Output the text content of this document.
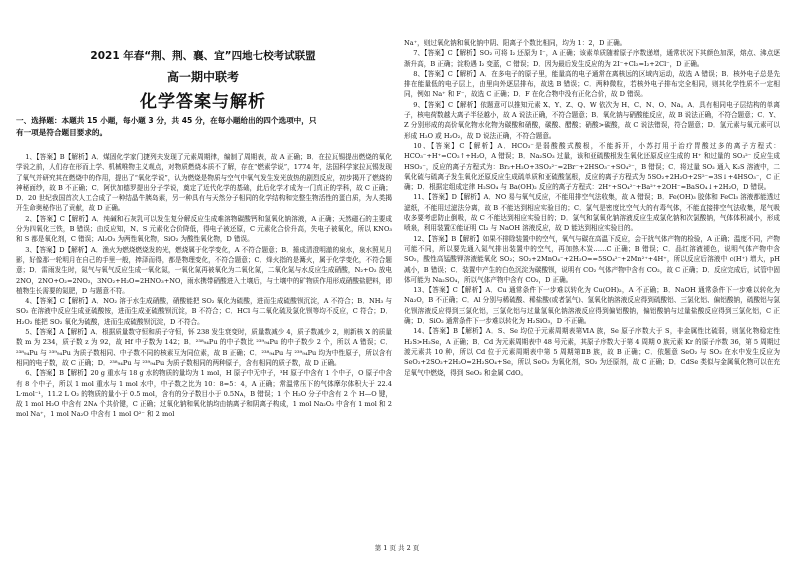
2021 年春“荆、荆、襄、宜”四地七校考试联盟
高一期中联考
化学答案与解析
一、选择题：本题共 15 小题，每小题 3 分，共 45 分，在每小题给出的四个选项中，只
有一项是符合题目要求的。

1、【答案】B【解析】A．煤固化学家门捷列夫发现了元素周期律，编制了周期表，故 A 正确；B．在拉瓦锡提出燃烧的氧化学说之前，人们存在形而上学、机械唯物主义观点，对物质燃烧本质不了解，存在“燃素学说”，1774 年，法国科学家拉瓦锡发现了氧气并研究其在燃烧中的作用，提出了“氧化学说”，认为燃烧是物质与空气中氧气发生发光放热的剧烈反应，初步揭开了燃烧的神秘面纱，故 B 不正确；C．阿伏加德罗提出分子学说，奠定了近代化学的基础，此后化学才成为一门真正的学科，故 C 正确；D．20 世纪我国首次人工合成了一种结晶牛胰岛素，另一种具有与天然分子相同的化学结构和完整生物活性的蛋白质，为人类揭开生命奥秘作出了贡献，故 D 正确。

2、【答案】C【解析】A．纯碱和石灰乳可以发生复分解反应生成难溶物碳酸钙和氢氧化钠溶液，A 正确；天然磁石的主要成分为四氧化三铁，B 错误；由反应知，N、S 元素化合价降低，得电子被还原，C 元素化合价升高，失电子被氧化，所以 KNO₃ 和 S 都是氧化剂，C 错误；Al₂O₃ 为两性氧化物，SiO₂ 为酸性氧化物，D 错误。

3、【答案】D【解析】A．渔火为燃烧燃烧发的光，燃烧属于化学变化，A 不符合题意；B．捶成清澄明澈的泉水，泉水照见月影，好像那一轮明月在自己的手里一般，捧泽而得，都是物理变化，不符合题意；C．烽火指的是篝火，属于化学变化，不符合题意；D．雷雨发生时，氮气与氧气反应生成一氧化氮，一氧化氮再被氧化为二氧化氮，二氧化氮与水反应生成硝酸，N₂+O₂ 放电 2NO，2NO+O₂=2NO₂，3NO₂+H₂O=2HNO₃+NO，雨水携带硝酸进入土壤后，与土壤中的矿物质作用形成硝酸盐肥料，即植物生长需要的氮肥，D 与题意不符。

4、【答案】C【解析】A．NO₂ 溶于水生成硝酸，硝酸能把 SO₂ 氧化为硫酸，进而生成硫酸钡沉淀，A 不符合；B．NH₃ 与 SO₂ 在溶液中反应生成亚硫酸铵，进而生成亚硫酸钡沉淀，B 不符合；C．HCl 与二氧化硫及氯化钡等均不反应，C 符合；D．H₂O₂ 能把 SO₂ 氧化为硫酸，进而生成硫酸钡沉淀，D 不符合。

5、【答案】A【解析】A．根据质量数守恒和质子守恒，钚 238 发生衰变时，质量数减少 4，质子数减少 2，则新核 X 的质量数 m 为 234，质子数 z 为 92，故 Hf 中子数为 142；B．²³⁸₉₄Pu 的中子数比 ²³⁹₉₄Pu 的中子数少 2 个，所以 A 错误；C．²³⁸₉₄Pu 与 ²³⁹₉₄Pu 为质子数相同、中子数不同的核素互为同位素，故 B 正确；C．²³⁸₉₄Pu 与 ²³⁹₉₄Pu 均为中性原子，所以含有相同的电子数，故 C 正确；D．²³⁸₉₄Pu 与 ²³⁹₉₄Pu 为质子数相同的两种原子，含有相同的质子数，故 D 正确。

6、【答案】B【解析】20 g 重水与 18 g 水的物质的量均为 1 mol，H 原子中无中子，³H 原子中含有 1 个中子，O 原子中含有 8 个中子，所以 1 mol 重水与 1 mol 水中，中子数之比为 10：8=5：4，A 正确；常温常压下的气体摩尔体积大于 22.4 L·mol⁻¹，11.2 L O₂ 的物质的量小于 0.5 mol，含有的分子数目小于 0.5Nᴀ，B 错误；1 个 H₂O 分子中含有 2 个 H—O 键，故 1 mol H₂O 中含有 2Nᴀ 个共价键，C 正确；过氧化钠和氧化钠均由钠离子和阴离子构成，1 mol Na₂O₂ 中含有 1 mol 和 2 mol Na⁺，1 mol Na₂O 中含有 1 mol O²⁻ 和 2 mol

Na⁺，则过氧化钠和氧化钠中阴、阳离子个数比相同，均为 1：2，D 正确。

7、【答案】C【解析】SO₂ 可将 I₂ 还原为 I⁻，A 正确；该素单质随着原子序数递增，通常状况下其颜色加深，熔点、沸点逐渐升高，B 正确；淀粉遇 I₂ 变蓝，C 错误；D．因为最后发生反应的为 2I⁻+Cl₂=I₂+2Cl⁻，D 正确。

8、【答案】C【解析】A．在多电子的原子里，能量高的电子通常在离核远的区域内运动，故选 A 错误；B．核外电子总是先排在能量低的电子层上，由里向外逐层排布，故选 B 错误；C．两种微粒，若核外电子排布完全相同，则其化学性质不一定相同，例如 Na⁺ 和 F⁻，故选 C 正确；D．F 在化合物中没有正化合价，故 D 错误。

9、【答案】C【解析】依题意可以推知元素 X、Y、Z、Q、W 依次为 H、C、N、O、Na。A．具有相同电子层结构的单离子，核电荷数越大离子半径越小，故 A 说法正确，不符合题意；B．氧化钠与硝酸能反应，故 B 说法正确，不符合题意；C．Y、Z 分别形成的高价氧化物水化物为碳酸和硝酸，碳酸、醋酸；硝酸>碳酸，故 C 说法错误，符合题意；D．氢元素与氧元素可以形成 H₂O 或 H₂O₂，故 D 说法正确，不符合题意。

10、【答案】C【解析】A．HCO₃⁻是弱酸酸式酸根，不能拆开，小苏打用于治疗胃酸过多的离子方程式：HCO₃⁻+H⁺=CO₂↑+H₂O，A 错误；B．Na₂SO₃ 过量，该和亚硫酸根发生氧化还原反应生成的 H⁺ 和过量的 SO₃²⁻ 反应生成 HSO₃⁻，反应的离子方程式为：Br₂+H₂O+3SO₃²⁻=2Br⁻+2HSO₃⁻+SO₄²⁻，B 错误；C．将过量 SO₂ 通入 K₂S 溶液中，二氧化硫与硫离子发生氧化还原反应生成硫单质和亚硫酸氢根，反应的离子方程式为 5SO₂+2H₂O+2S²⁻=3S↓+4HSO₃⁻，C 正确；D．根据定组成定律 H₂SO₄ 与 Ba(OH)₂ 反应的离子方程式：2H⁺+SO₄²⁻+Ba²⁺+2OH⁻=BaSO₄↓+2H₂O，D 错误。

11、【答案】D【解析】A．NO 易与氧气反应，不能用排空气法收集，故 A 错误；B．Fe(OH)₃ 胶体和 FeCl₃ 溶液都能透过滤纸，不能用过滤法分离，故 B 不能达到相应实验目的；C．氯气是密度比空气大的有毒气体，不能直接排空气法收集，尾气吸收多要考虑防止倒吸，故 C 不能达到相应实验目的；D．氯气和氯氧化钠溶液反应生成氯化钠和次氯酸钠，气体体积减小，形成喷泉，利用装置④能证明 Cl₂ 与 NaOH 溶液反应，故 D 能达到相应实验目的。

12、【答案】B【解析】如果不排除装置中的空气，氧气与碳在高温下反应，会干扰气体产物的检验，A 正确；温度不同，产物可能不同，所以要先通入氮气排出装置中的空气，再加热木炭……C 正确；B 错误；C．品红溶液褪色，说明气体产物中含 SO₂，酸性高锰酸钾溶液能氧化 SO₂；SO₂+2MnO₄⁻+2H₂O==5SO₄²⁻+2Mn²⁺+4H⁺，所以反应后溶液中 c(H⁺) 增大，pH 减小，B 错误；C．装置中产生的白色沉淀为碳酸钡，说明有 CO₂ 气体产物中含有 CO₂，故 C 正确；D．反应完成后，试管中固体可能为 Na₂SO₄，所以气体产物中含有 CO₂，D 正确。

13、【答案】C【解析】A．Cu 通常条件下一步难以转化为 Cu(OH)₂，A 不正确；B．NaOH 通常条件下一步难以转化为 Na₂O，B 不正确；C．Al 分别与稀硫酸、稀盐酸(或者氯气)、氢氧化钠溶液反应得到硫酸铝、三氯化铝、偏铝酸钠，硫酸铝与氯化钡溶液反应得到三氯化铝，三氯化铝与过量氢氧化钠溶液反应得到偏铝酸钠，偏铝酸钠与过量盐酸反应得到三氯化铝，C 正确；D．SiO₂ 通常条件下一步难以转化为 H₂SiO₃，D 不正确。

14、【答案】B【解析】A．S、Se 均位于元素周期表第ⅥA 族，Se 原子序数大于 S，非金属性比硫弱，则氢化物稳定性 H₂S>H₂Se，A 正确；B．Cd 为元素周期表中 48 号元素，其原子序数大于第 4 周期 0 族元素 Kr 的原子序数 36，第 5 周期过渡元素共 10 种，所以 Cd 位于元素周期表中第 5 周期第ⅡB 族，故 B 正确；C．依题意 SeO₂ 与 SO₂ 在水中发生反应为 SeO₂+2SO₂+2H₂O=2H₂SO₄+Se，所以 SeO₂ 为氧化剂，SO₂ 为还原剂，故 C 正确；D．CdSe 类似与金属氧化物可以在充足氧气中燃烧，得到 SeO₂ 和金属 CdO。

第 1 页 共 2 页
